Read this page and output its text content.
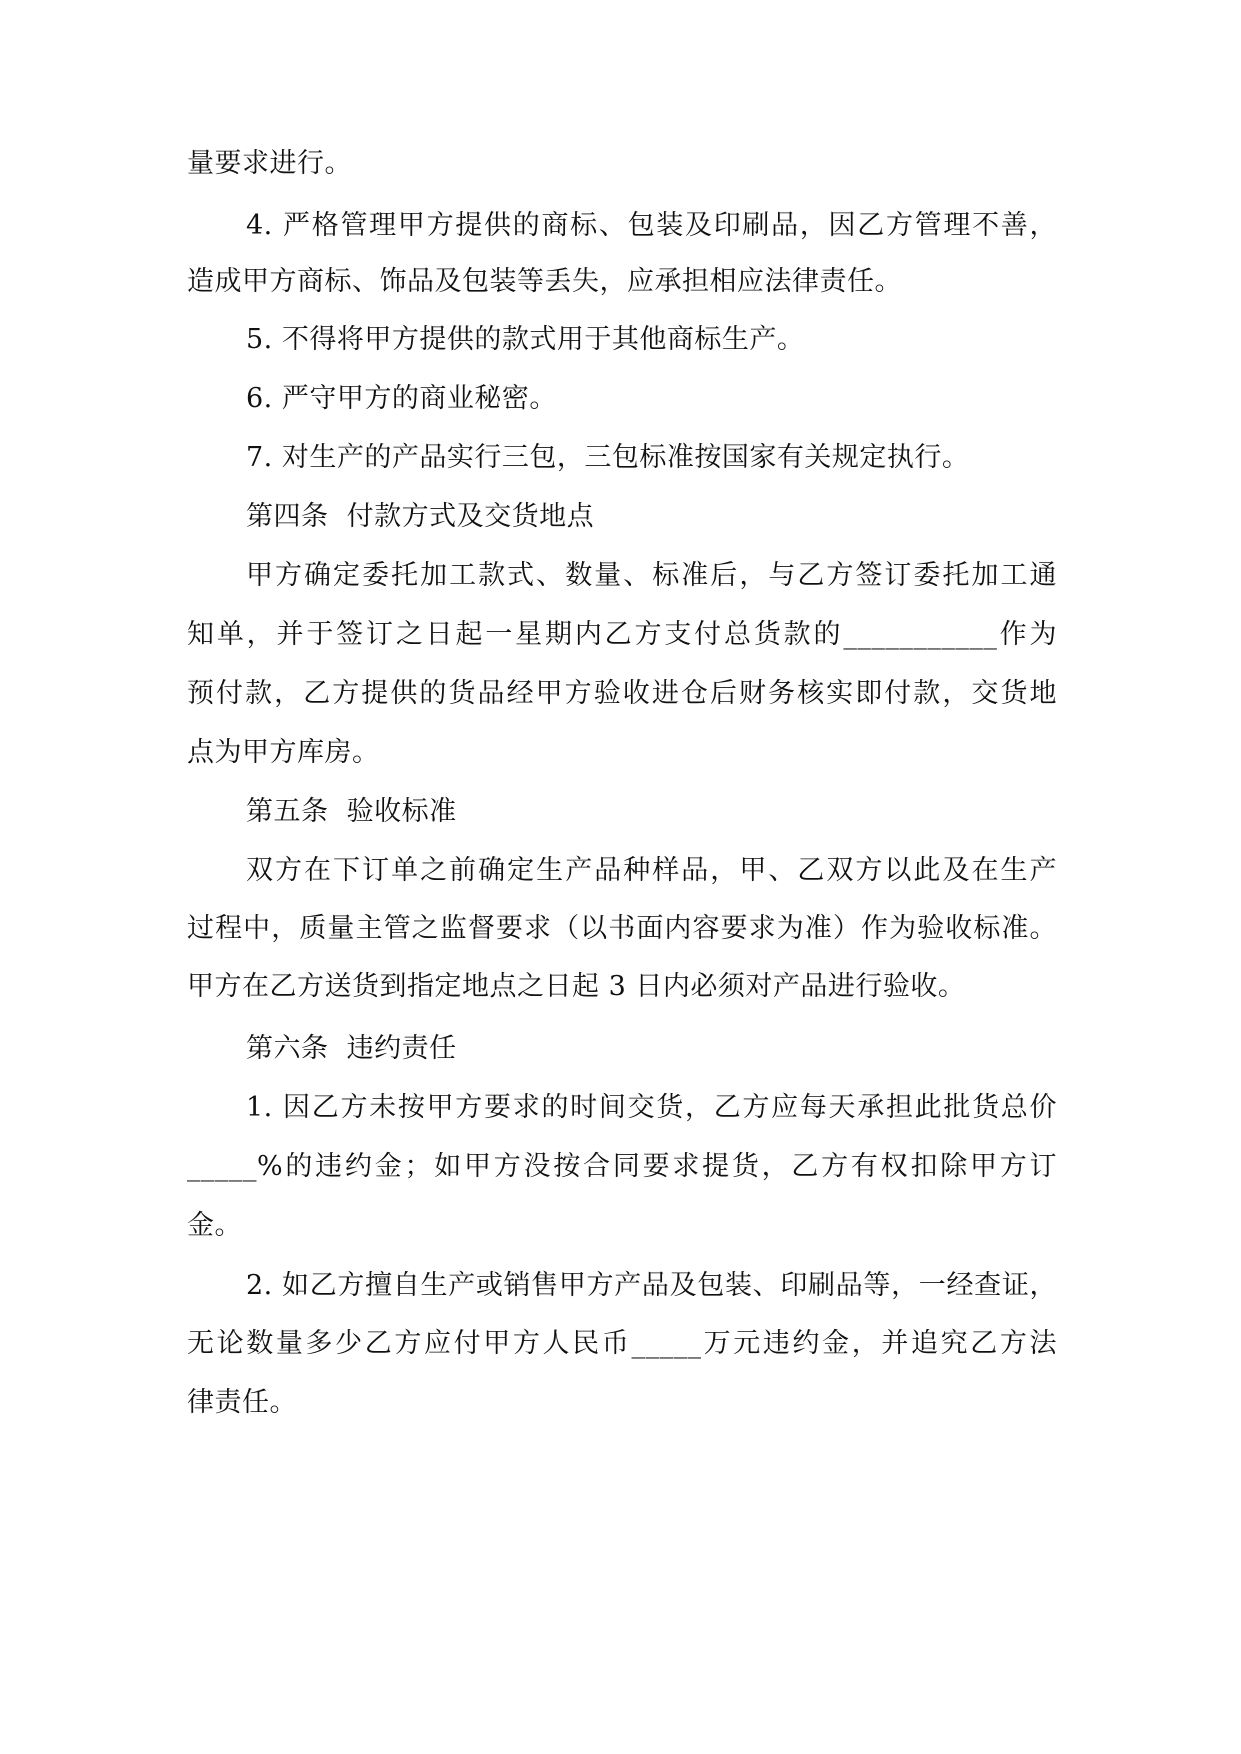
量要求进行。
4. 严格管理甲方提供的商标、包装及印刷品，因乙方管理不善，
造成甲方商标、饰品及包装等丢失，应承担相应法律责任。
5. 不得将甲方提供的款式用于其他商标生产。
6. 严守甲方的商业秘密。
7. 对生产的产品实行三包，三包标准按国家有关规定执行。
第四条  付款方式及交货地点
甲方确定委托加工款式、数量、标准后，与乙方签订委托加工通
知单，并于签订之日起一星期内乙方支付总货款的___________作为
预付款，乙方提供的货品经甲方验收进仓后财务核实即付款，交货地
点为甲方库房。
第五条  验收标准
双方在下订单之前确定生产品种样品，甲、乙双方以此及在生产
过程中，质量主管之监督要求（以书面内容要求为准）作为验收标准。
甲方在乙方送货到指定地点之日起 3 日内必须对产品进行验收。
第六条  违约责任
1. 因乙方未按甲方要求的时间交货，乙方应每天承担此批货总价
_____%的违约金；如甲方没按合同要求提货，乙方有权扣除甲方订
金。
2. 如乙方擅自生产或销售甲方产品及包装、印刷品等，一经查证，
无论数量多少乙方应付甲方人民币_____万元违约金，并追究乙方法
律责任。
